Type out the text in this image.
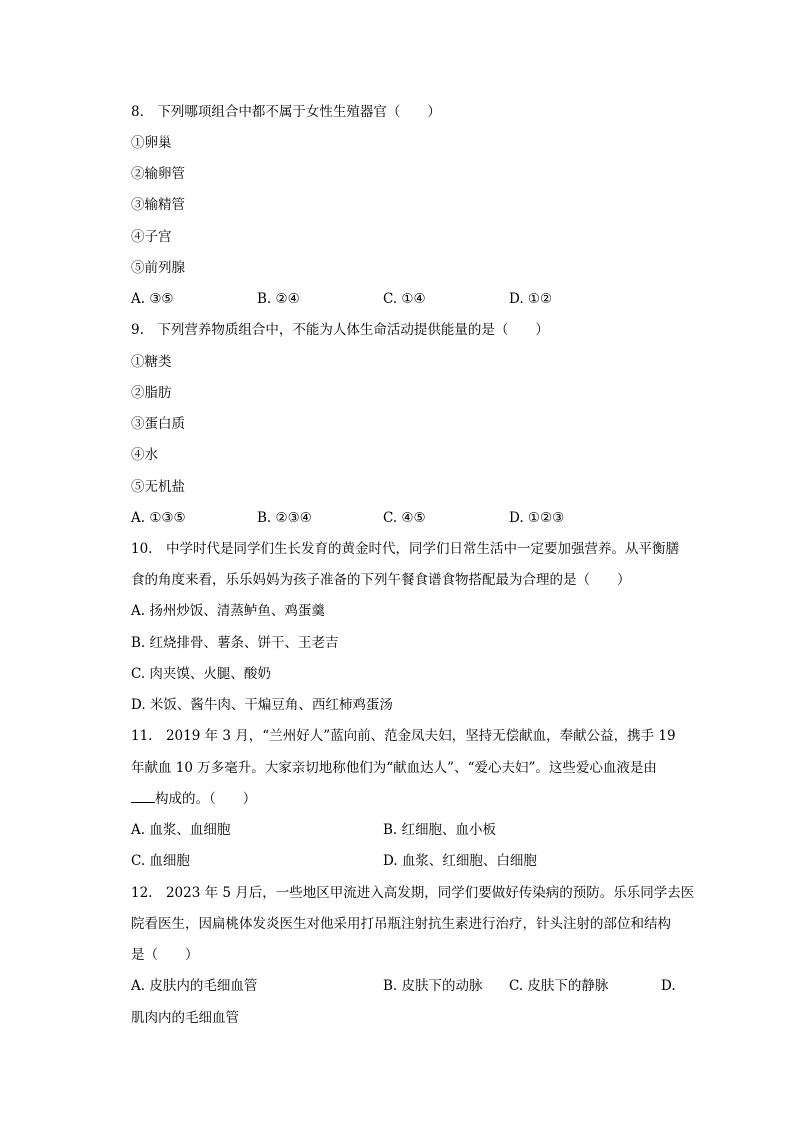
8.　下列哪项组合中都不属于女性生殖器官（　　）
①卵巢
②输卵管
③输精管
④子宫
⑤前列腺
A. ③⑤	B. ②④	C. ①④	D. ①②
9.　下列营养物质组合中，不能为人体生命活动提供能量的是（　　）
①糖类
②脂肪
③蛋白质
④水
⑤无机盐
A. ①③⑤	B. ②③④	C. ④⑤	D. ①②③
10.　中学时代是同学们生长发育的黄金时代，同学们日常生活中一定要加强营养。从平衡膳
食的角度来看，乐乐妈妈为孩子准备的下列午餐食谱食物搭配最为合理的是（　　）
A. 扬州炒饭、清蒸鲈鱼、鸡蛋羹
B. 红烧排骨、薯条、饼干、王老吉
C. 肉夹馍、火腿、酸奶
D. 米饭、酱牛肉、干煸豆角、西红柿鸡蛋汤
11.　2019 年 3 月，“兰州好人”蓝向前、范金凤夫妇，坚持无偿献血，奉献公益，携手 19
年献血 10 万多毫升。大家亲切地称他们为“献血达人”、“爱心夫妇”。这些爱心血液是由
构成的。（　　）
A. 血浆、血细胞	B. 红细胞、血小板
C. 血细胞	D. 血浆、红细胞、白细胞
12.　2023 年 5 月后，一些地区甲流进入高发期，同学们要做好传染病的预防。乐乐同学去医
院看医生，因扁桃体发炎医生对他采用打吊瓶注射抗生素进行治疗，针头注射的部位和结构
是（　　）
A. 皮肤内的毛细血管	B. 皮肤下的动脉 C. 皮肤下的静脉	D.
肌肉内的毛细血管
